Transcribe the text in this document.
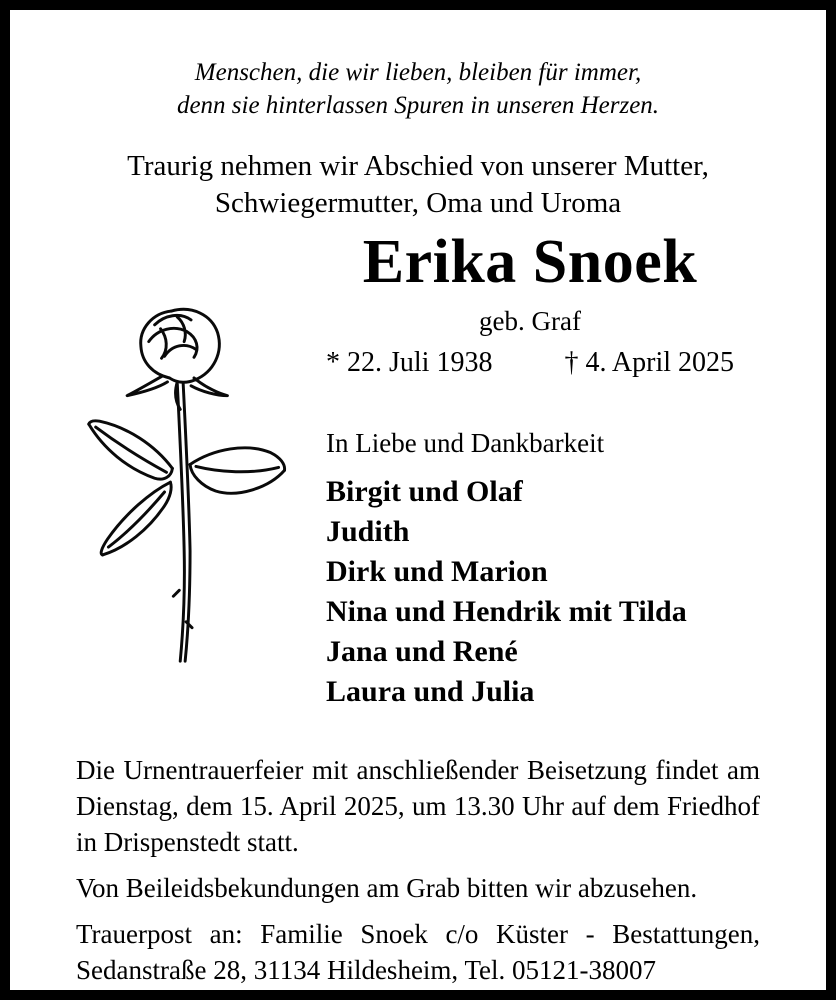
Menschen, die wir lieben, bleiben für immer,
denn sie hinterlassen Spuren in unseren Herzen.
Traurig nehmen wir Abschied von unserer Mutter,
Schwiegermutter, Oma und Uroma
Erika Snoek
geb. Graf
* 22. Juli 1938	† 4. April 2025
In Liebe und Dankbarkeit
Birgit und Olaf
Judith
Dirk und Marion
Nina und Hendrik mit Tilda
Jana und René
Laura und Julia

Die Urnentrauerfeier mit anschließender Beisetzung findet am Dienstag, dem 15. April 2025, um 13.30 Uhr auf dem Friedhof in Drispenstedt statt.

Von Beileidsbekundungen am Grab bitten wir abzusehen.

Trauerpost an: Familie Snoek c/o Küster - Bestattungen, Sedanstraße 28, 31134 Hildesheim, Tel. 05121-38007
